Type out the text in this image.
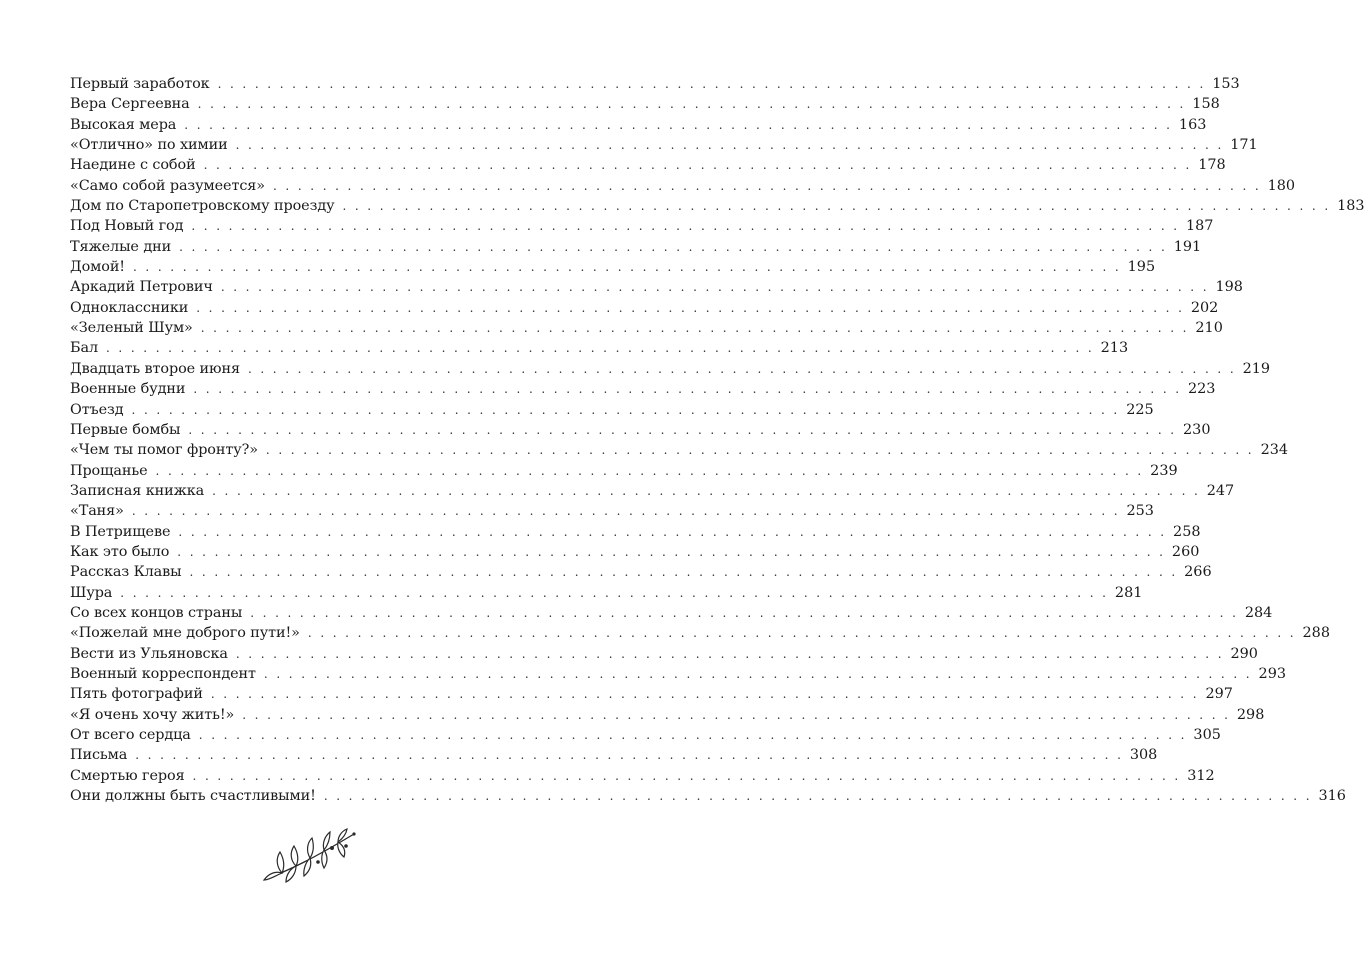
Первый заработок . . . . . . . . . . . . . . . . . . . . . . . . . . . . . . . . . . . . . . . . . . . . . . . . . . . . . . . . . . . . . . . . . . . . . . . . . . . . . . . . 153
Вера Сергеевна . . . . . . . . . . . . . . . . . . . . . . . . . . . . . . . . . . . . . . . . . . . . . . . . . . . . . . . . . . . . . . . . . . . . . . . . . . . . . . . . 158
Высокая мера . . . . . . . . . . . . . . . . . . . . . . . . . . . . . . . . . . . . . . . . . . . . . . . . . . . . . . . . . . . . . . . . . . . . . . . . . . . . . . . . 163
«Отлично» по химии . . . . . . . . . . . . . . . . . . . . . . . . . . . . . . . . . . . . . . . . . . . . . . . . . . . . . . . . . . . . . . . . . . . . . . . . . . . . . . . . 171
Наедине с собой . . . . . . . . . . . . . . . . . . . . . . . . . . . . . . . . . . . . . . . . . . . . . . . . . . . . . . . . . . . . . . . . . . . . . . . . . . . . . . . . 178
«Само собой разумеется» . . . . . . . . . . . . . . . . . . . . . . . . . . . . . . . . . . . . . . . . . . . . . . . . . . . . . . . . . . . . . . . . . . . . . . . . . . . . . . . . 180
Дом по Старопетровскому проезду . . . . . . . . . . . . . . . . . . . . . . . . . . . . . . . . . . . . . . . . . . . . . . . . . . . . . . . . . . . . . . . . . . . . . . . . . . . . . . . . 183
Под Новый год . . . . . . . . . . . . . . . . . . . . . . . . . . . . . . . . . . . . . . . . . . . . . . . . . . . . . . . . . . . . . . . . . . . . . . . . . . . . . . . . 187
Тяжелые дни . . . . . . . . . . . . . . . . . . . . . . . . . . . . . . . . . . . . . . . . . . . . . . . . . . . . . . . . . . . . . . . . . . . . . . . . . . . . . . . . 191
Домой! . . . . . . . . . . . . . . . . . . . . . . . . . . . . . . . . . . . . . . . . . . . . . . . . . . . . . . . . . . . . . . . . . . . . . . . . . . . . . . . . 195
Аркадий Петрович . . . . . . . . . . . . . . . . . . . . . . . . . . . . . . . . . . . . . . . . . . . . . . . . . . . . . . . . . . . . . . . . . . . . . . . . . . . . . . . . 198
Одноклассники . . . . . . . . . . . . . . . . . . . . . . . . . . . . . . . . . . . . . . . . . . . . . . . . . . . . . . . . . . . . . . . . . . . . . . . . . . . . . . . . 202
«Зеленый Шум» . . . . . . . . . . . . . . . . . . . . . . . . . . . . . . . . . . . . . . . . . . . . . . . . . . . . . . . . . . . . . . . . . . . . . . . . . . . . . . . . 210
Бал . . . . . . . . . . . . . . . . . . . . . . . . . . . . . . . . . . . . . . . . . . . . . . . . . . . . . . . . . . . . . . . . . . . . . . . . . . . . . . . . 213
Двадцать второе июня . . . . . . . . . . . . . . . . . . . . . . . . . . . . . . . . . . . . . . . . . . . . . . . . . . . . . . . . . . . . . . . . . . . . . . . . . . . . . . . . 219
Военные будни . . . . . . . . . . . . . . . . . . . . . . . . . . . . . . . . . . . . . . . . . . . . . . . . . . . . . . . . . . . . . . . . . . . . . . . . . . . . . . . . 223
Отъезд . . . . . . . . . . . . . . . . . . . . . . . . . . . . . . . . . . . . . . . . . . . . . . . . . . . . . . . . . . . . . . . . . . . . . . . . . . . . . . . . 225
Первые бомбы . . . . . . . . . . . . . . . . . . . . . . . . . . . . . . . . . . . . . . . . . . . . . . . . . . . . . . . . . . . . . . . . . . . . . . . . . . . . . . . . 230
«Чем ты помог фронту?» . . . . . . . . . . . . . . . . . . . . . . . . . . . . . . . . . . . . . . . . . . . . . . . . . . . . . . . . . . . . . . . . . . . . . . . . . . . . . . . . 234
Прощанье . . . . . . . . . . . . . . . . . . . . . . . . . . . . . . . . . . . . . . . . . . . . . . . . . . . . . . . . . . . . . . . . . . . . . . . . . . . . . . . . 239
Записная книжка . . . . . . . . . . . . . . . . . . . . . . . . . . . . . . . . . . . . . . . . . . . . . . . . . . . . . . . . . . . . . . . . . . . . . . . . . . . . . . . . 247
«Таня» . . . . . . . . . . . . . . . . . . . . . . . . . . . . . . . . . . . . . . . . . . . . . . . . . . . . . . . . . . . . . . . . . . . . . . . . . . . . . . . . 253
В Петрищеве . . . . . . . . . . . . . . . . . . . . . . . . . . . . . . . . . . . . . . . . . . . . . . . . . . . . . . . . . . . . . . . . . . . . . . . . . . . . . . . . 258
Как это было . . . . . . . . . . . . . . . . . . . . . . . . . . . . . . . . . . . . . . . . . . . . . . . . . . . . . . . . . . . . . . . . . . . . . . . . . . . . . . . . 260
Рассказ Клавы . . . . . . . . . . . . . . . . . . . . . . . . . . . . . . . . . . . . . . . . . . . . . . . . . . . . . . . . . . . . . . . . . . . . . . . . . . . . . . . . 266
Шура . . . . . . . . . . . . . . . . . . . . . . . . . . . . . . . . . . . . . . . . . . . . . . . . . . . . . . . . . . . . . . . . . . . . . . . . . . . . . . . . 281
Со всех концов страны . . . . . . . . . . . . . . . . . . . . . . . . . . . . . . . . . . . . . . . . . . . . . . . . . . . . . . . . . . . . . . . . . . . . . . . . . . . . . . . . 284
«Пожелай мне доброго пути!» . . . . . . . . . . . . . . . . . . . . . . . . . . . . . . . . . . . . . . . . . . . . . . . . . . . . . . . . . . . . . . . . . . . . . . . . . . . . . . . . 288
Вести из Ульяновска . . . . . . . . . . . . . . . . . . . . . . . . . . . . . . . . . . . . . . . . . . . . . . . . . . . . . . . . . . . . . . . . . . . . . . . . . . . . . . . . 290
Военный корреспондент . . . . . . . . . . . . . . . . . . . . . . . . . . . . . . . . . . . . . . . . . . . . . . . . . . . . . . . . . . . . . . . . . . . . . . . . . . . . . . . . 293
Пять фотографий . . . . . . . . . . . . . . . . . . . . . . . . . . . . . . . . . . . . . . . . . . . . . . . . . . . . . . . . . . . . . . . . . . . . . . . . . . . . . . . . 297
«Я очень хочу жить!» . . . . . . . . . . . . . . . . . . . . . . . . . . . . . . . . . . . . . . . . . . . . . . . . . . . . . . . . . . . . . . . . . . . . . . . . . . . . . . . . 298
От всего сердца . . . . . . . . . . . . . . . . . . . . . . . . . . . . . . . . . . . . . . . . . . . . . . . . . . . . . . . . . . . . . . . . . . . . . . . . . . . . . . . . 305
Письма . . . . . . . . . . . . . . . . . . . . . . . . . . . . . . . . . . . . . . . . . . . . . . . . . . . . . . . . . . . . . . . . . . . . . . . . . . . . . . . . 308
Смертью героя . . . . . . . . . . . . . . . . . . . . . . . . . . . . . . . . . . . . . . . . . . . . . . . . . . . . . . . . . . . . . . . . . . . . . . . . . . . . . . . . 312
Они должны быть счастливыми! . . . . . . . . . . . . . . . . . . . . . . . . . . . . . . . . . . . . . . . . . . . . . . . . . . . . . . . . . . . . . . . . . . . . . . . . . . . . . . . . 316
